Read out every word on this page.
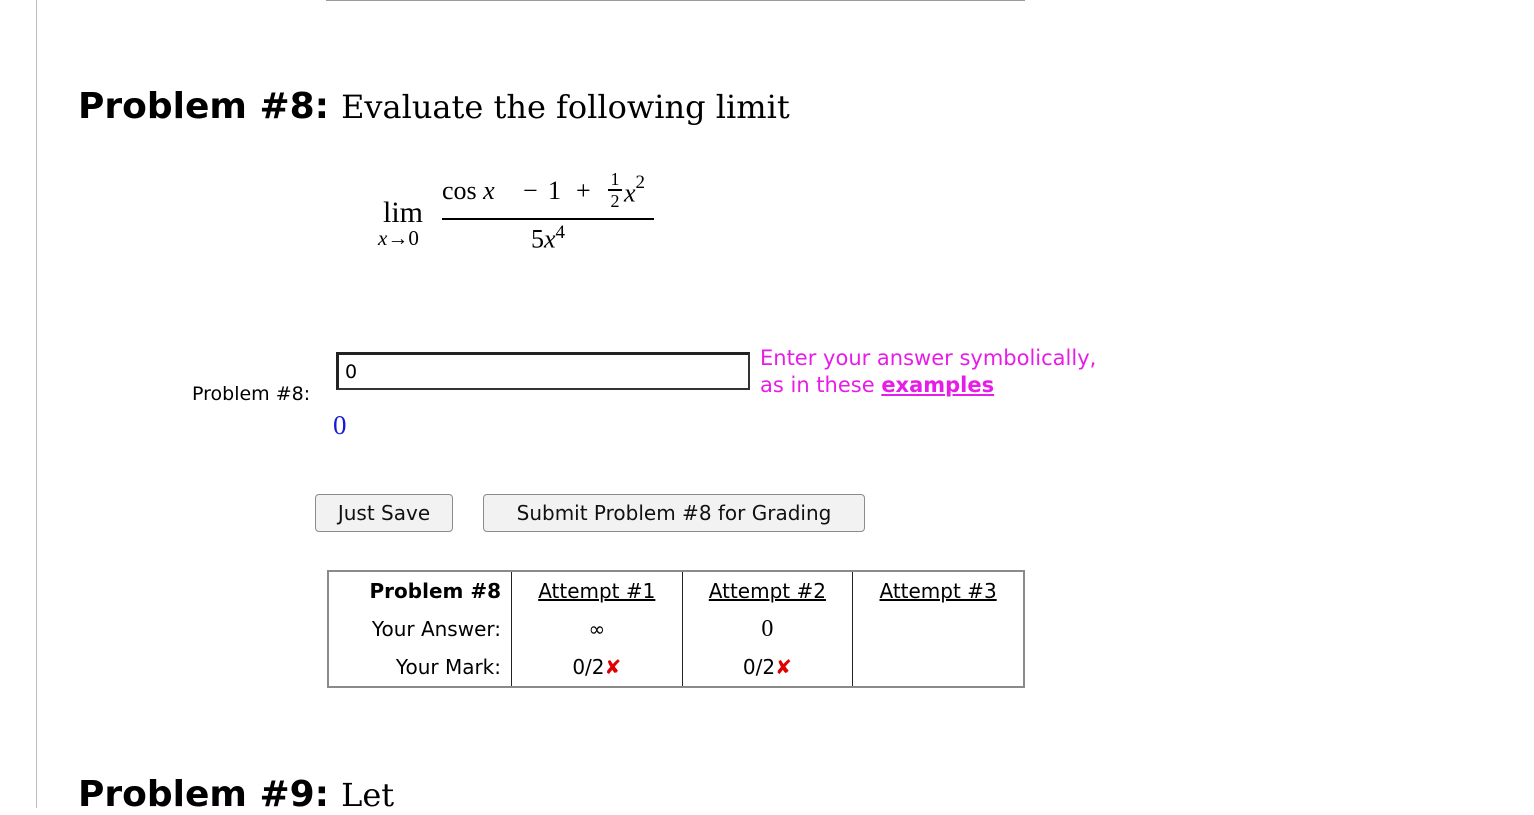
Problem #8: Evaluate the following limit
lim
x→0
cos x − 1 + 1
2 $x^2$
$5x^4$
Problem #8:
0
0
Enter your answer symbolically,
as in these examples
Just Save	Submit Problem #8 for Grading
Problem #8	Attempt #1	Attempt #2	Attempt #3
Your Answer:	∞	0	
Your Mark:	0/2✘	0/2✘	
Problem #9: Let
